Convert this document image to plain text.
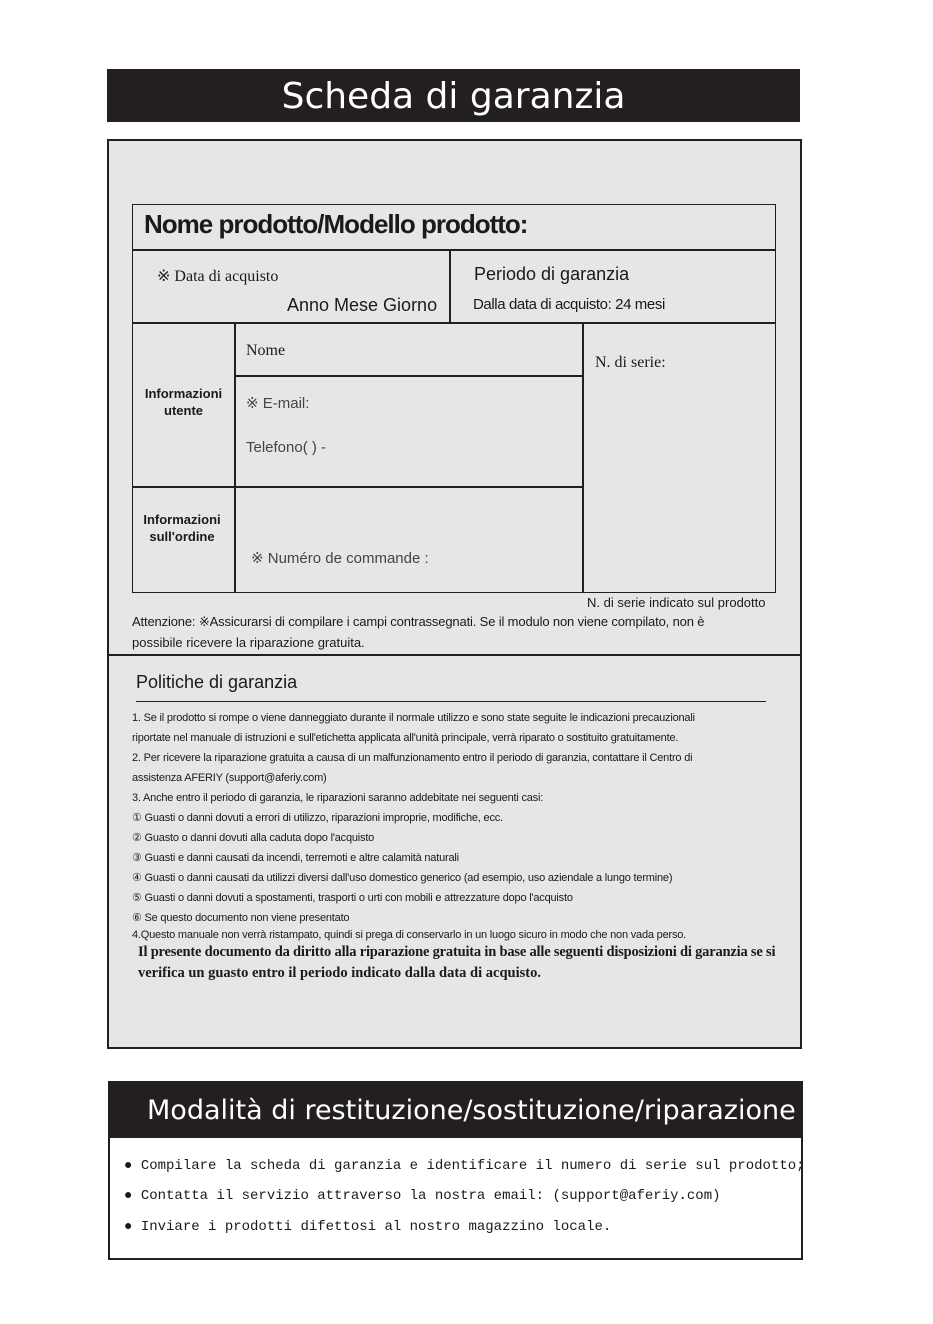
Scheda di garanzia
Nome prodotto/Modello prodotto:
※ Data di acquisto
Anno Mese Giorno
Periodo di garanzia
Dalla data di acquisto: 24 mesi
Informazioni
utente
Nome
※ E-mail:
Telefono( ) -
N. di serie:
Informazioni
sull'ordine
※ Numéro de commande :
N. di serie indicato sul prodotto
Attenzione: ※Assicurarsi di compilare i campi contrassegnati. Se il modulo non viene compilato, non è
possibile ricevere la riparazione gratuita.
Politiche di garanzia
1. Se il prodotto si rompe o viene danneggiato durante il normale utilizzo e sono state seguite le indicazioni precauzionali
riportate nel manuale di istruzioni e sull'etichetta applicata all'unità principale, verrà riparato o sostituito gratuitamente.
2. Per ricevere la riparazione gratuita a causa di un malfunzionamento entro il periodo di garanzia, contattare il Centro di
assistenza AFERIY (support@aferiy.com)
3. Anche entro il periodo di garanzia, le riparazioni saranno addebitate nei seguenti casi:
① Guasti o danni dovuti a errori di utilizzo, riparazioni improprie, modifiche, ecc.
② Guasto o danni dovuti alla caduta dopo l'acquisto
③ Guasti e danni causati da incendi, terremoti e altre calamità naturali
④ Guasti o danni causati da utilizzi diversi dall'uso domestico generico (ad esempio, uso aziendale a lungo termine)
⑤ Guasti o danni dovuti a spostamenti, trasporti o urti con mobili e attrezzature dopo l'acquisto
⑥ Se questo documento non viene presentato
4.Questo manuale non verrà ristampato, quindi si prega di conservarlo in un luogo sicuro in modo che non vada perso.
Il presente documento da diritto alla riparazione gratuita in base alle seguenti disposizioni di garanzia se si
verifica un guasto entro il periodo indicato dalla data di acquisto.
Modalità di restituzione/sostituzione/riparazione
● Compilare la scheda di garanzia e identificare il numero di serie sul prodotto;
● Contatta il servizio attraverso la nostra email: (support@aferiy.com)
● Inviare i prodotti difettosi al nostro magazzino locale.
